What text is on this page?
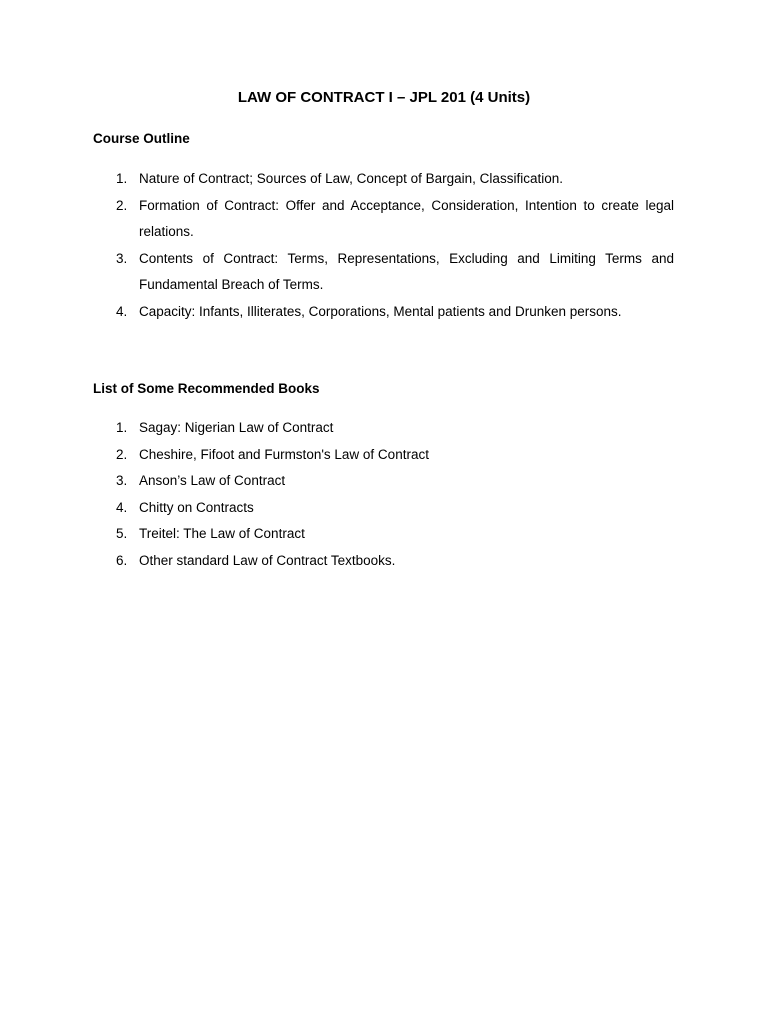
LAW OF CONTRACT I – JPL 201 (4 Units)
Course Outline
1. Nature of Contract; Sources of Law, Concept of Bargain, Classification.
2. Formation of Contract: Offer and Acceptance, Consideration, Intention to create legal relations.
3. Contents of Contract: Terms, Representations, Excluding and Limiting Terms and Fundamental Breach of Terms.
4. Capacity: Infants, Illiterates, Corporations, Mental patients and Drunken persons.
List of Some Recommended Books
1. Sagay: Nigerian Law of Contract
2. Cheshire, Fifoot and Furmston's Law of Contract
3. Anson’s Law of Contract
4. Chitty on Contracts
5. Treitel: The Law of Contract
6. Other standard Law of Contract Textbooks.
